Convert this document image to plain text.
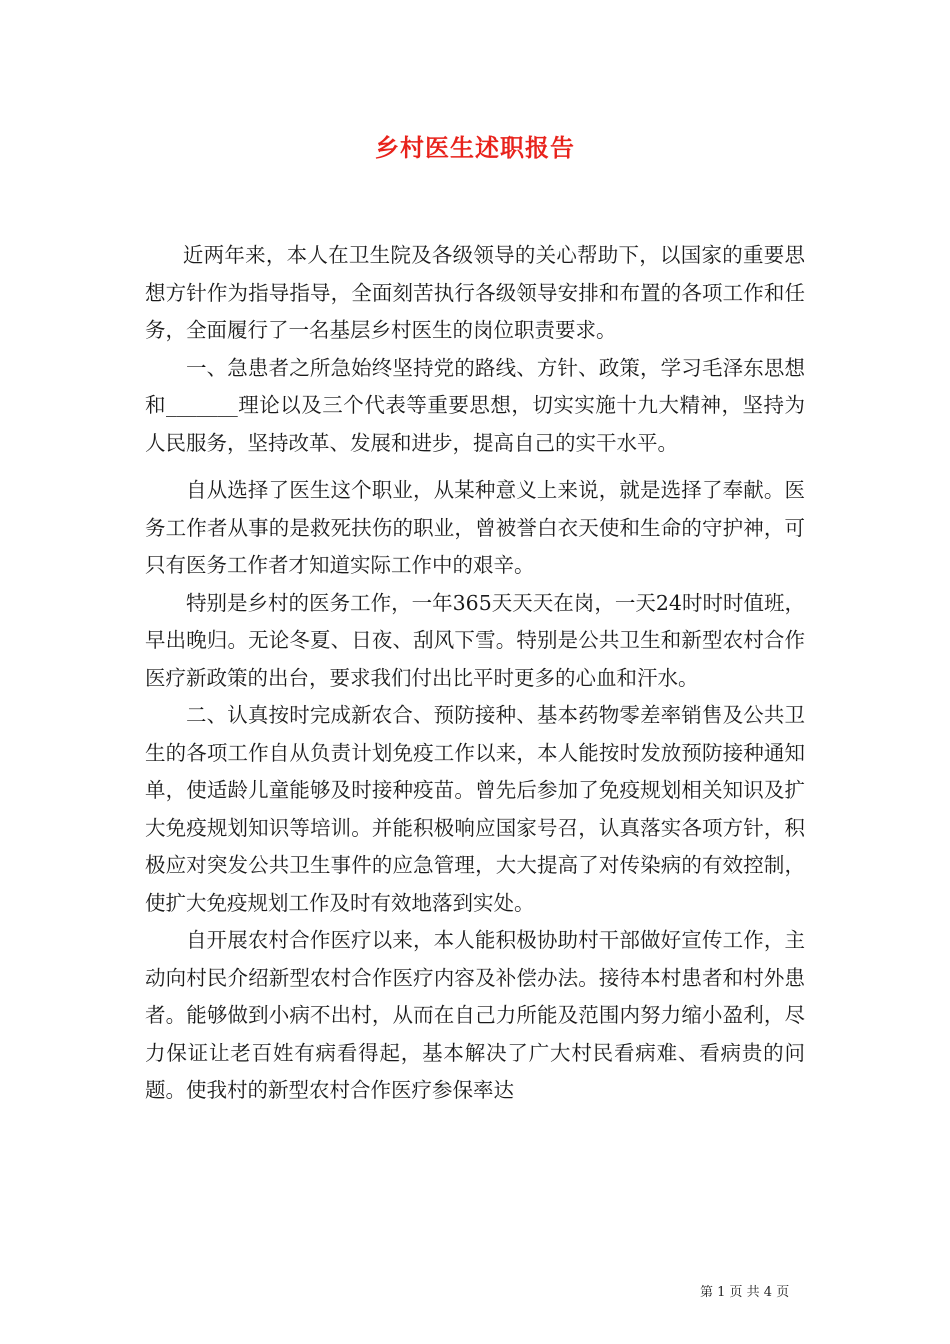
乡村医生述职报告

近两年来，本人在卫生院及各级领导的关心帮助下，以国家的重要思想方针作为指导指导，全面刻苦执行各级领导安排和布置的各项工作和任务，全面履行了一名基层乡村医生的岗位职责要求。

一、急患者之所急始终坚持党的路线、方针、政策，学习毛泽东思想和_______理论以及三个代表等重要思想，切实实施十九大精神，坚持为人民服务，坚持改革、发展和进步，提高自己的实干水平。

自从选择了医生这个职业，从某种意义上来说，就是选择了奉献。医务工作者从事的是救死扶伤的职业，曾被誉白衣天使和生命的守护神，可只有医务工作者才知道实际工作中的艰辛。

特别是乡村的医务工作，一年365天天天在岗，一天24时时时值班，早出晚归。无论冬夏、日夜、刮风下雪。特别是公共卫生和新型农村合作医疗新政策的出台，要求我们付出比平时更多的心血和汗水。

二、认真按时完成新农合、预防接种、基本药物零差率销售及公共卫生的各项工作自从负责计划免疫工作以来，本人能按时发放预防接种通知单，使适龄儿童能够及时接种疫苗。曾先后参加了免疫规划相关知识及扩大免疫规划知识等培训。并能积极响应国家号召，认真落实各项方针，积极应对突发公共卫生事件的应急管理，大大提高了对传染病的有效控制，使扩大免疫规划工作及时有效地落到实处。

自开展农村合作医疗以来，本人能积极协助村干部做好宣传工作，主动向村民介绍新型农村合作医疗内容及补偿办法。接待本村患者和村外患者。能够做到小病不出村，从而在自己力所能及范围内努力缩小盈利，尽力保证让老百姓有病看得起，基本解决了广大村民看病难、看病贵的问题。使我村的新型农村合作医疗参保率达

第 1 页 共 4 页
